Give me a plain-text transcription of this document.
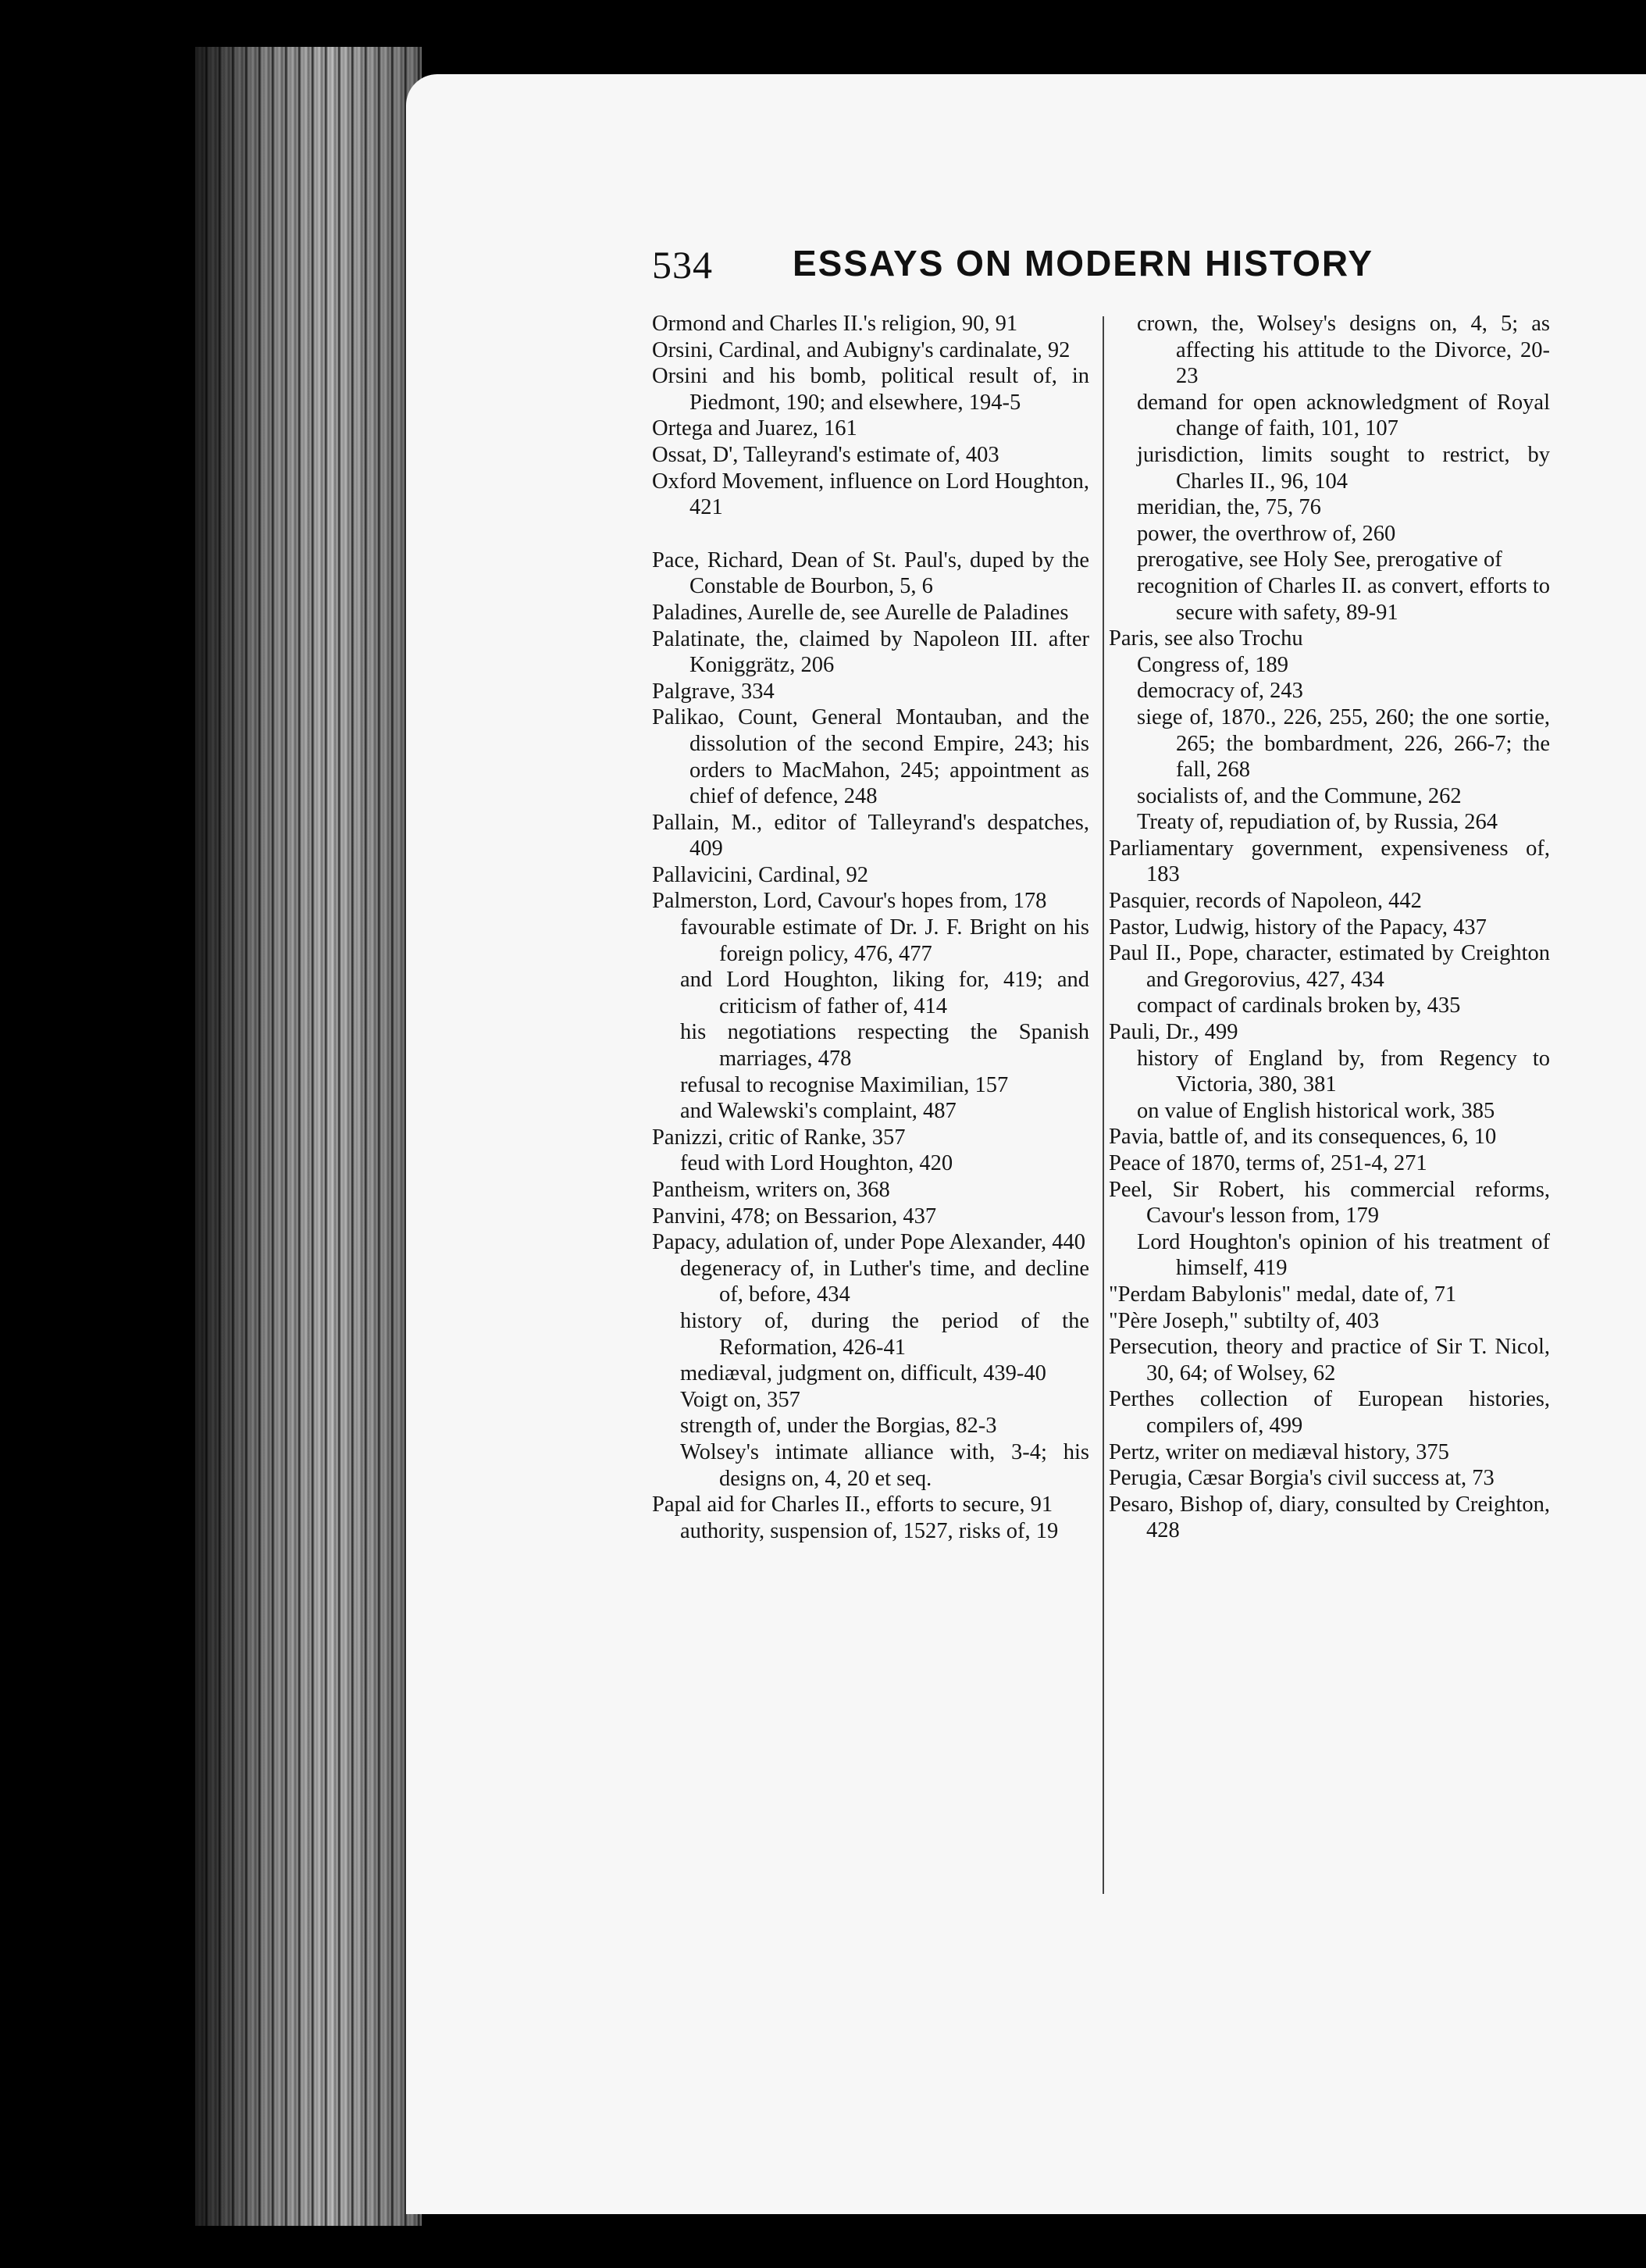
534 ESSAYS ON MODERN HISTORY

Ormond and Charles II.'s religion, 90, 91

Orsini, Cardinal, and Aubigny's cardinalate, 92

Orsini and his bomb, political result of, in Piedmont, 190; and elsewhere, 194-5

Ortega and Juarez, 161

Ossat, D', Talleyrand's estimate of, 403

Oxford Movement, influence on Lord Houghton, 421

Pace, Richard, Dean of St. Paul's, duped by the Constable de Bourbon, 5, 6

Paladines, Aurelle de, see Aurelle de Paladines

Palatinate, the, claimed by Napoleon III. after Koniggrätz, 206

Palgrave, 334

Palikao, Count, General Montauban, and the dissolution of the second Empire, 243; his orders to MacMahon, 245; appointment as chief of defence, 248

Pallain, M., editor of Talleyrand's despatches, 409

Pallavicini, Cardinal, 92

Palmerston, Lord, Cavour's hopes from, 178

favourable estimate of Dr. J. F. Bright on his foreign policy, 476, 477

and Lord Houghton, liking for, 419; and criticism of father of, 414

his negotiations respecting the Spanish marriages, 478

refusal to recognise Maximilian, 157

and Walewski's complaint, 487

Panizzi, critic of Ranke, 357

feud with Lord Houghton, 420

Pantheism, writers on, 368

Panvini, 478; on Bessarion, 437

Papacy, adulation of, under Pope Alexander, 440

degeneracy of, in Luther's time, and decline of, before, 434

history of, during the period of the Reformation, 426-41

mediæval, judgment on, difficult, 439-40

Voigt on, 357

strength of, under the Borgias, 82-3

Wolsey's intimate alliance with, 3-4; his designs on, 4, 20 et seq.

Papal aid for Charles II., efforts to secure, 91

authority, suspension of, 1527, risks of, 19

crown, the, Wolsey's designs on, 4, 5; as affecting his attitude to the Divorce, 20-23

demand for open acknowledgment of Royal change of faith, 101, 107

jurisdiction, limits sought to restrict, by Charles II., 96, 104

meridian, the, 75, 76

power, the overthrow of, 260

prerogative, see Holy See, prerogative of

recognition of Charles II. as convert, efforts to secure with safety, 89-91

Paris, see also Trochu

Congress of, 189

democracy of, 243

siege of, 1870., 226, 255, 260; the one sortie, 265; the bombardment, 226, 266-7; the fall, 268

socialists of, and the Commune, 262

Treaty of, repudiation of, by Russia, 264

Parliamentary government, expensiveness of, 183

Pasquier, records of Napoleon, 442

Pastor, Ludwig, history of the Papacy, 437

Paul II., Pope, character, estimated by Creighton and Gregorovius, 427, 434

compact of cardinals broken by, 435

Pauli, Dr., 499

history of England by, from Regency to Victoria, 380, 381

on value of English historical work, 385

Pavia, battle of, and its consequences, 6, 10

Peace of 1870, terms of, 251-4, 271

Peel, Sir Robert, his commercial reforms, Cavour's lesson from, 179

Lord Houghton's opinion of his treatment of himself, 419

"Perdam Babylonis" medal, date of, 71

"Père Joseph," subtilty of, 403

Persecution, theory and practice of Sir T. Nicol, 30, 64; of Wolsey, 62

Perthes collection of European histories, compilers of, 499

Pertz, writer on mediæval history, 375

Perugia, Cæsar Borgia's civil success at, 73

Pesaro, Bishop of, diary, consulted by Creighton, 428
